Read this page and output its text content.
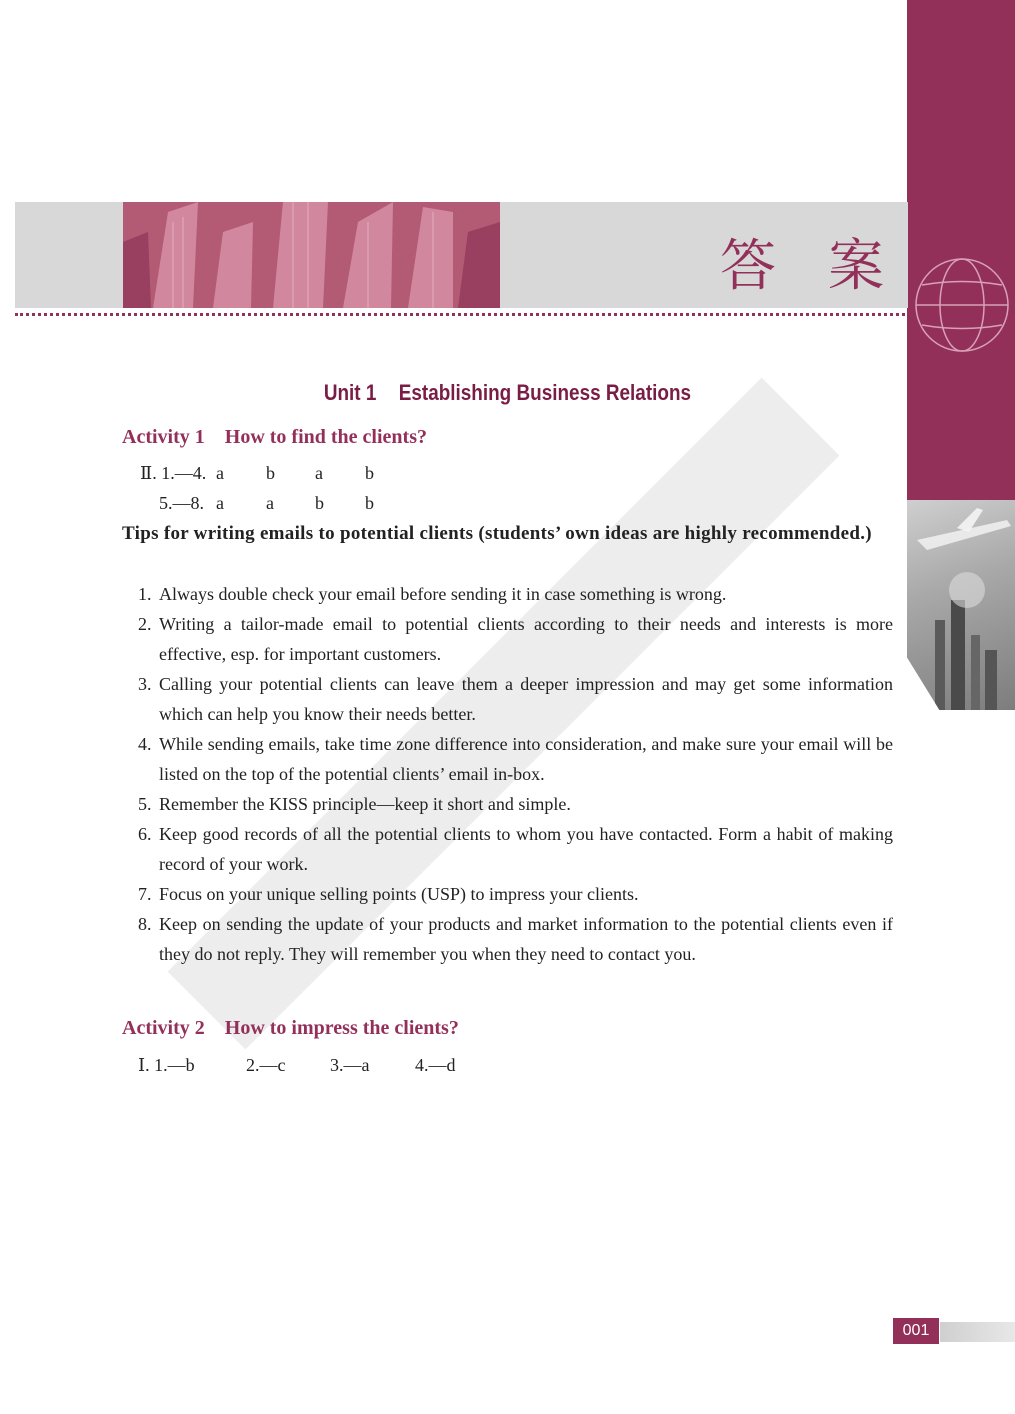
答案
Unit 1 Establishing Business Relations
Activity 1 How to find the clients?
Ⅱ. 1.—4. a b a b
5.—8. a a b b
Tips for writing emails to potential clients (students’ own ideas are highly recommended.)
1. Always double check your email before sending it in case something is wrong.
2. Writing a tailor-made email to potential clients according to their needs and interests is more effective, esp. for important customers.
3. Calling your potential clients can leave them a deeper impression and may get some information which can help you know their needs better.
4. While sending emails, take time zone difference into consideration, and make sure your email will be listed on the top of the potential clients’ email in-box.
5. Remember the KISS principle—keep it short and simple.
6. Keep good records of all the potential clients to whom you have contacted. Form a habit of making record of your work.
7. Focus on your unique selling points (USP) to impress your clients.
8. Keep on sending the update of your products and market information to the potential clients even if they do not reply. They will remember you when they need to contact you.
Activity 2 How to impress the clients?
Ⅰ. 1.—b	2.—c 3.—a	4.—d
001
